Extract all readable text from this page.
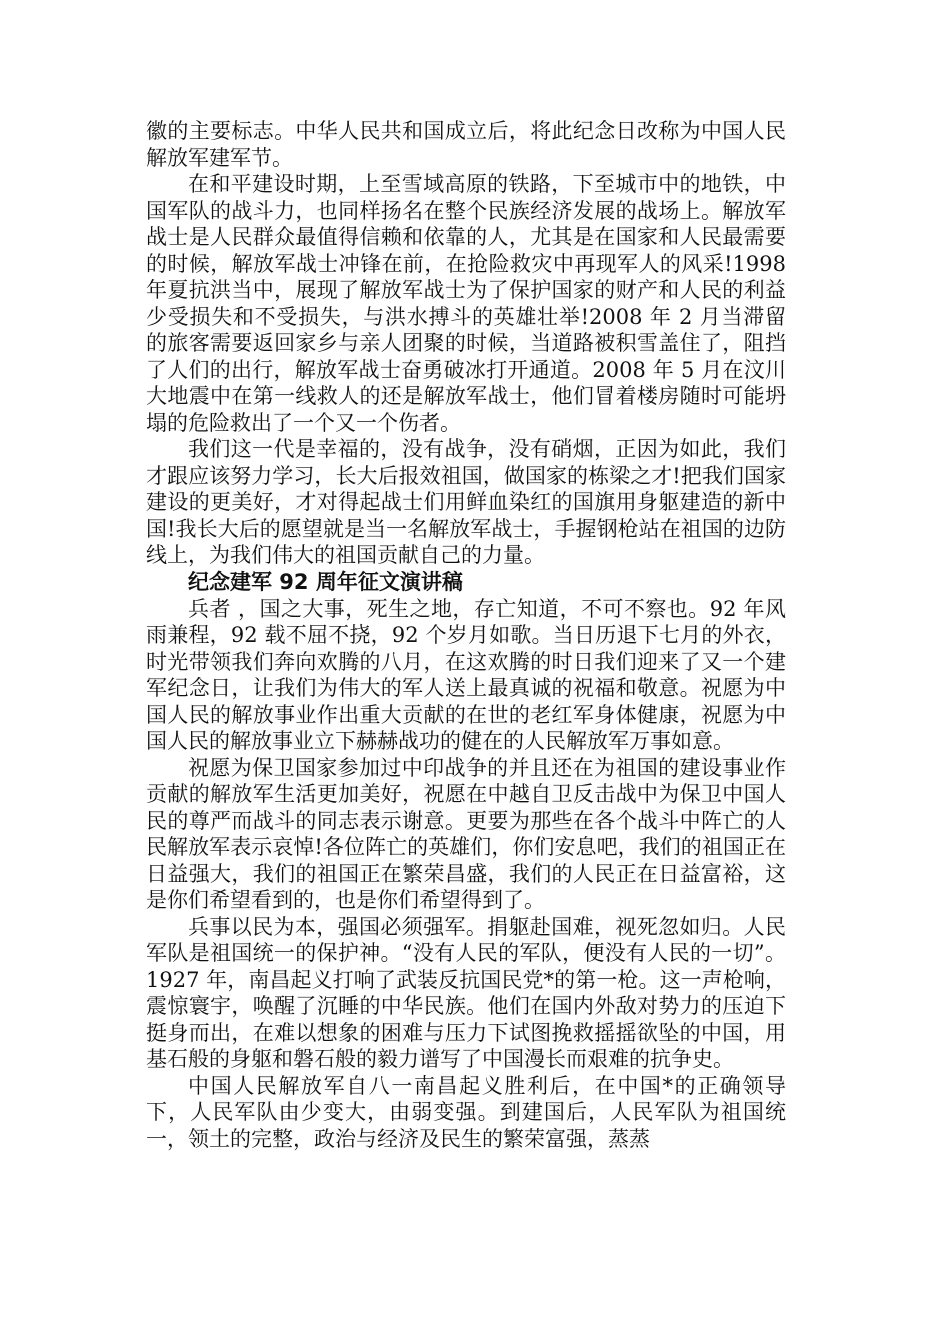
徽的主要标志。中华人民共和国成立后，将此纪念日改称为中国人民解放军建军节。

在和平建设时期，上至雪域高原的铁路，下至城市中的地铁，中国军队的战斗力，也同样扬名在整个民族经济发展的战场上。解放军战士是人民群众最值得信赖和依靠的人，尤其是在国家和人民最需要的时候，解放军战士冲锋在前，在抢险救灾中再现军人的风采!1998 年夏抗洪当中，展现了解放军战士为了保护国家的财产和人民的利益少受损失和不受损失，与洪水搏斗的英雄壮举!2008 年 2 月当滞留的旅客需要返回家乡与亲人团聚的时候，当道路被积雪盖住了，阻挡了人们的出行，解放军战士奋勇破冰打开通道。2008 年 5 月在汶川大地震中在第一线救人的还是解放军战士，他们冒着楼房随时可能坍塌的危险救出了一个又一个伤者。

我们这一代是幸福的，没有战争，没有硝烟，正因为如此，我们才跟应该努力学习，长大后报效祖国，做国家的栋梁之才!把我们国家建设的更美好，才对得起战士们用鲜血染红的国旗用身躯建造的新中国!我长大后的愿望就是当一名解放军战士，手握钢枪站在祖国的边防线上，为我们伟大的祖国贡献自己的力量。

纪念建军 92 周年征文演讲稿

兵者 ，国之大事，死生之地，存亡知道，不可不察也。92 年风雨兼程，92 载不屈不挠，92 个岁月如歌。当日历退下七月的外衣，时光带领我们奔向欢腾的八月，在这欢腾的时日我们迎来了又一个建军纪念日，让我们为伟大的军人送上最真诚的祝福和敬意。祝愿为中国人民的解放事业作出重大贡献的在世的老红军身体健康，祝愿为中国人民的解放事业立下赫赫战功的健在的人民解放军万事如意。

祝愿为保卫国家参加过中印战争的并且还在为祖国的建设事业作贡献的解放军生活更加美好，祝愿在中越自卫反击战中为保卫中国人民的尊严而战斗的同志表示谢意。更要为那些在各个战斗中阵亡的人民解放军表示哀悼!各位阵亡的英雄们，你们安息吧，我们的祖国正在日益强大，我们的祖国正在繁荣昌盛，我们的人民正在日益富裕，这是你们希望看到的，也是你们希望得到了。

兵事以民为本，强国必须强军。捐躯赴国难，视死忽如归。人民军队是祖国统一的保护神。“没有人民的军队，便没有人民的一切”。 1927 年，南昌起义打响了武装反抗国民党*的第一枪。这一声枪响，震惊寰宇，唤醒了沉睡的中华民族。他们在国内外敌对势力的压迫下挺身而出，在难以想象的困难与压力下试图挽救摇摇欲坠的中国，用基石般的身躯和磐石般的毅力谱写了中国漫长而艰难的抗争史。

中国人民解放军自八一南昌起义胜利后，在中国*的正确领导下，人民军队由少变大，由弱变强。到建国后，人民军队为祖国统一，领土的完整，政治与经济及民生的繁荣富强，蒸蒸
